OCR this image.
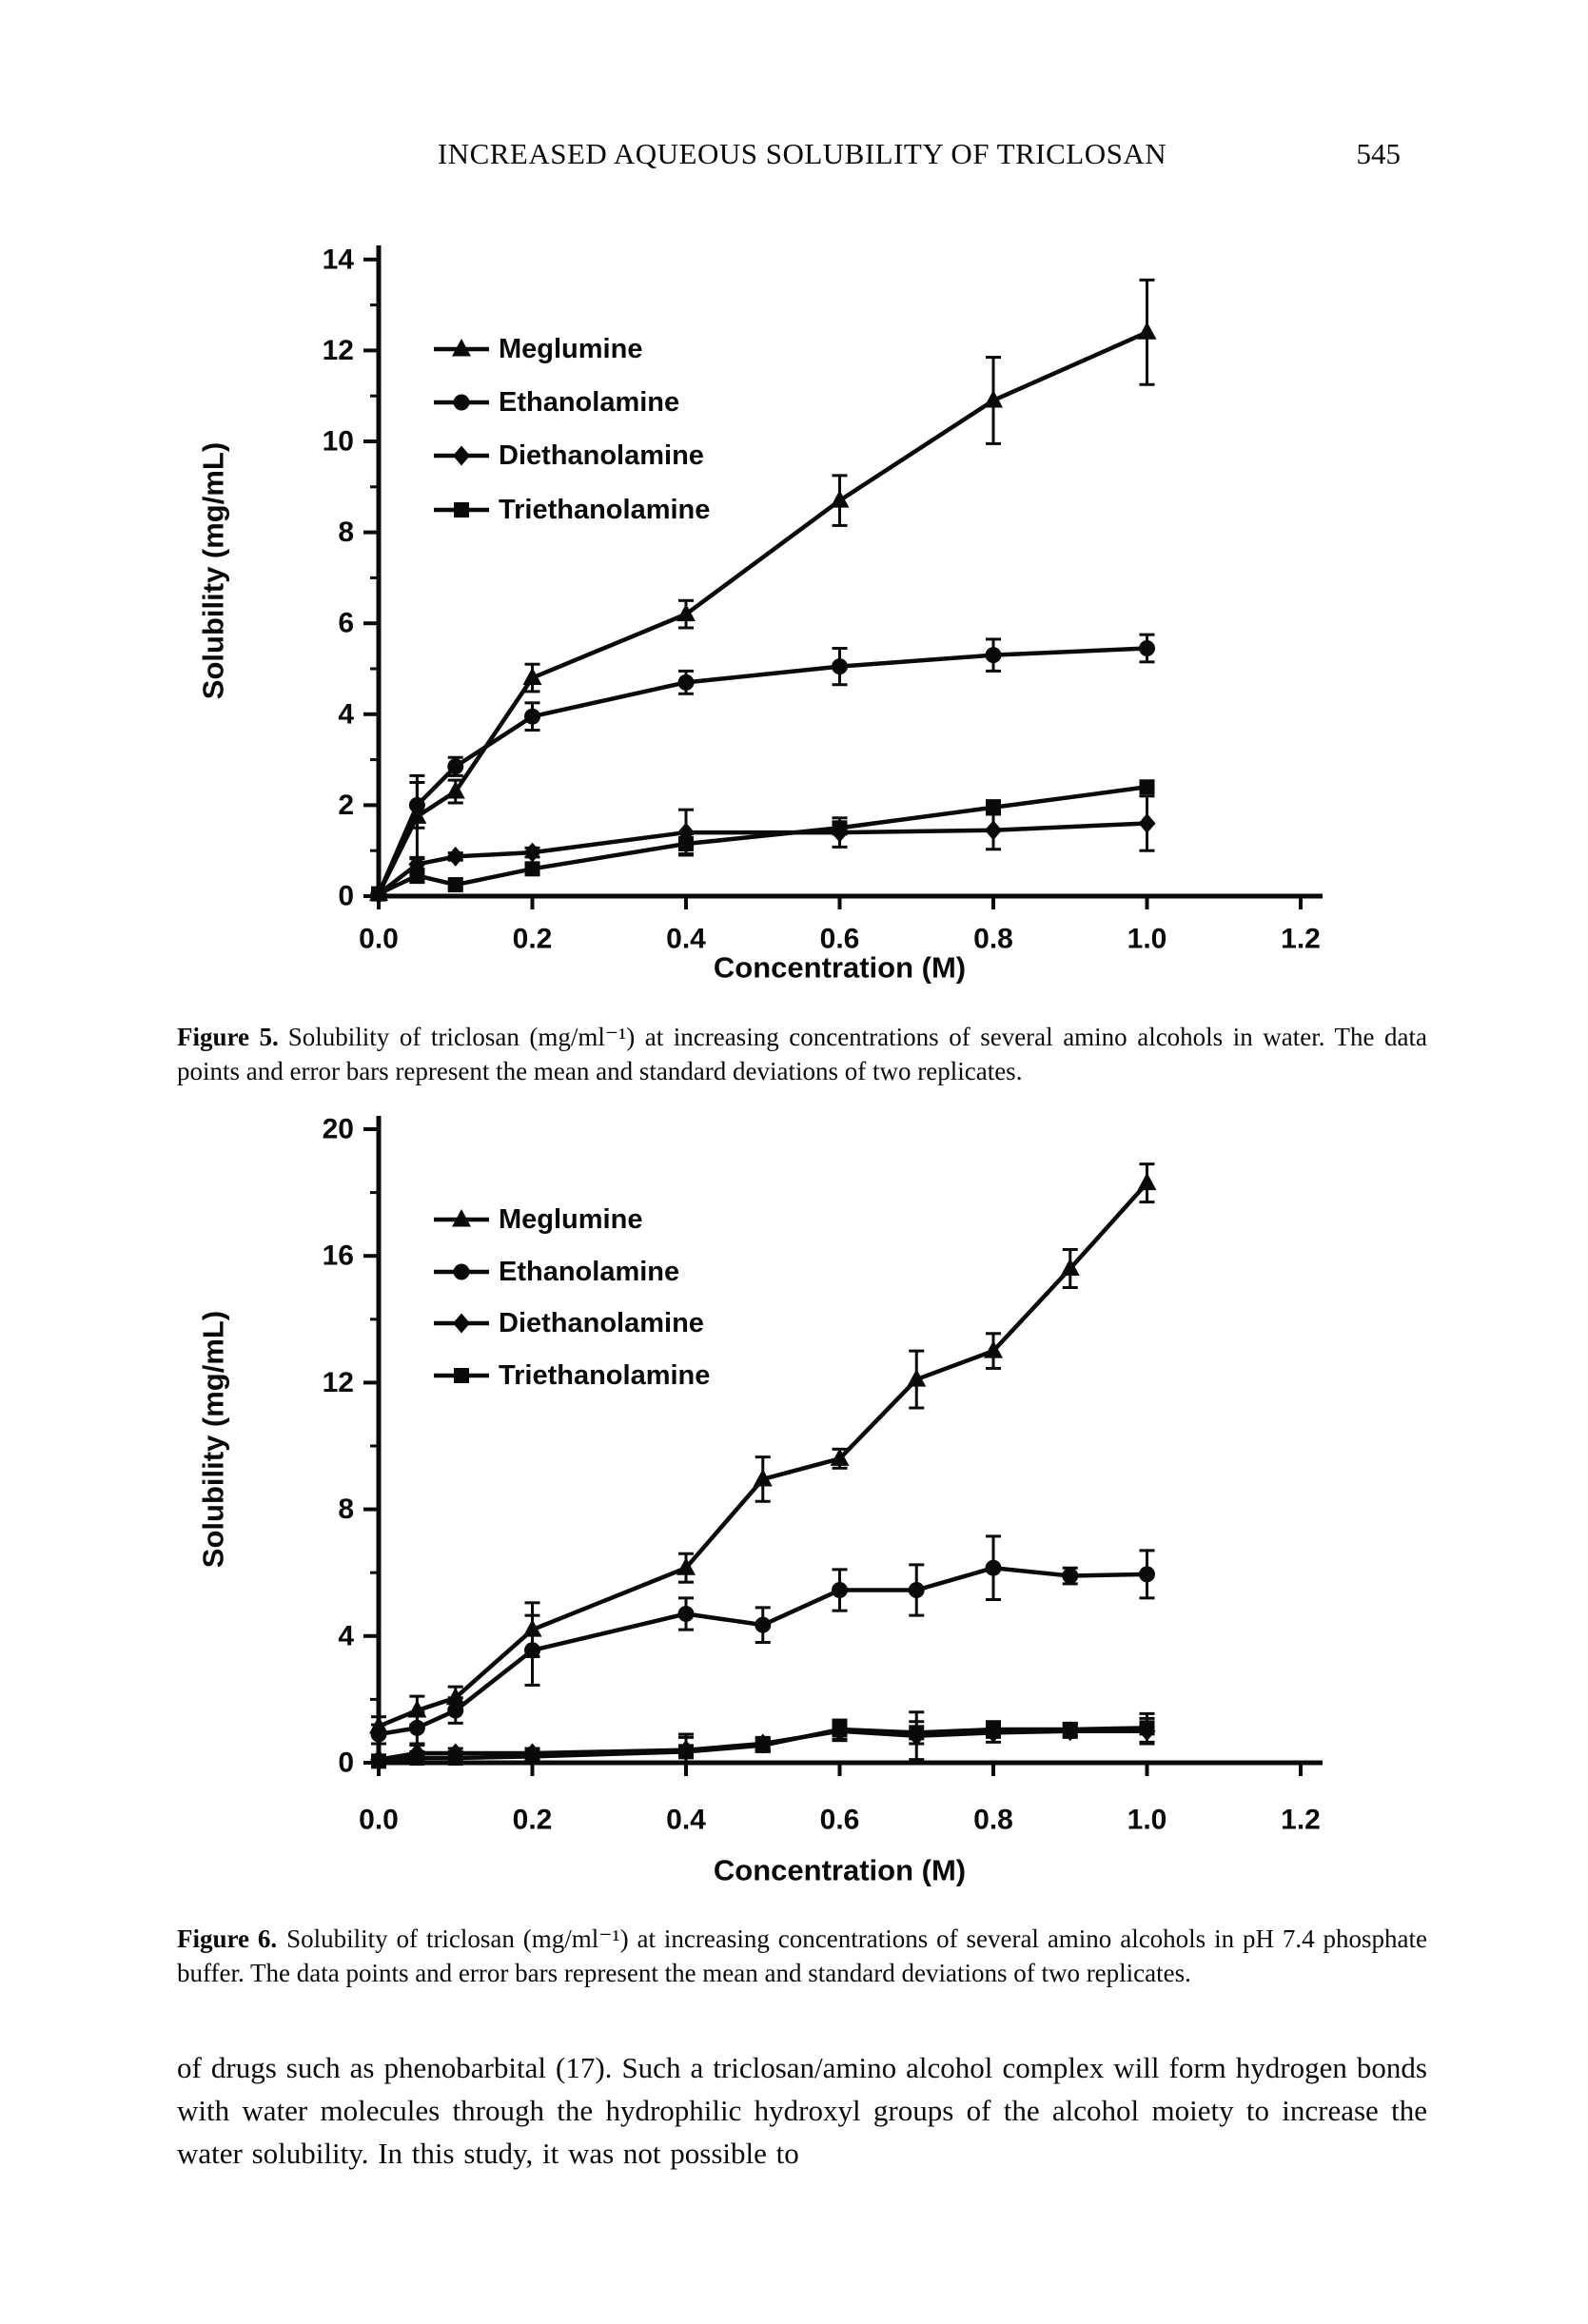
INCREASED AQUEOUS SOLUBILITY OF TRICLOSAN	545
0
2
4
6
8
10
12
14
0.0	0.2	0.4	0.6	0.8	1.0	1.2
Concentration (M)
Solubility (mg/mL)
Meglumine
Ethanolamine
Diethanolamine
Triethanolamine

Figure 5. Solubility of triclosan (mg/ml⁻¹) at increasing concentrations of several amino alcohols in water. The data points and error bars represent the mean and standard deviations of two replicates.

0
4
8
12
16
20
0.0	0.2	0.4	0.6	0.8	1.0	1.2
Concentration (M)
Solubility (mg/mL)
Meglumine
Ethanolamine
Diethanolamine
Triethanolamine

Figure 6. Solubility of triclosan (mg/ml⁻¹) at increasing concentrations of several amino alcohols in pH 7.4 phosphate buffer. The data points and error bars represent the mean and standard deviations of two replicates.

of drugs such as phenobarbital (17). Such a triclosan/amino alcohol complex will form hydrogen bonds with water molecules through the hydrophilic hydroxyl groups of the alcohol moiety to increase the water solubility. In this study, it was not possible to
